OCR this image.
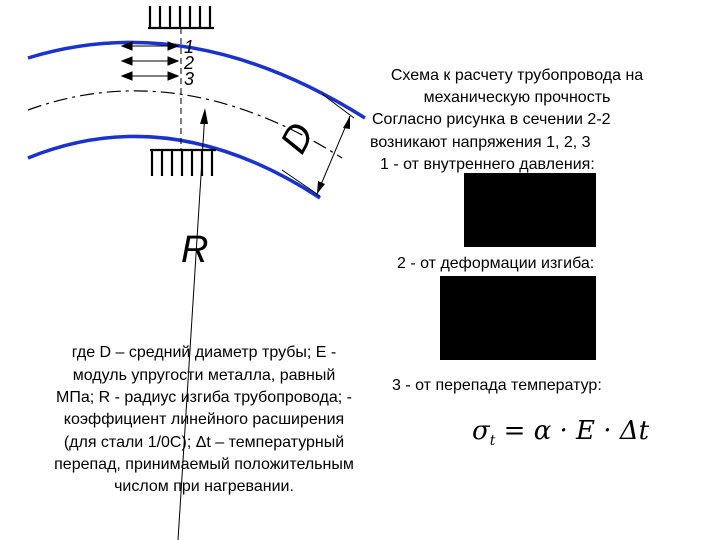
1
2
3
R
D
Схема к расчету трубопровода на
механическую прочность
Согласно рисунка в сечении 2-2
возникают напряжения 1, 2, 3
1 - от внутреннего давления:
2 - от деформации изгиба:
3 - от перепада температур:
$\sigma_t = \alpha \cdot E \cdot \Delta t$
где D – средний диаметр трубы; E -
модуль упругости металла, равный
МПа; R - радиус изгиба трубопровода; -
коэффициент линейного расширения
(для стали 1/0С); Δt – температурный
перепад, принимаемый положительным
числом при нагревании.
